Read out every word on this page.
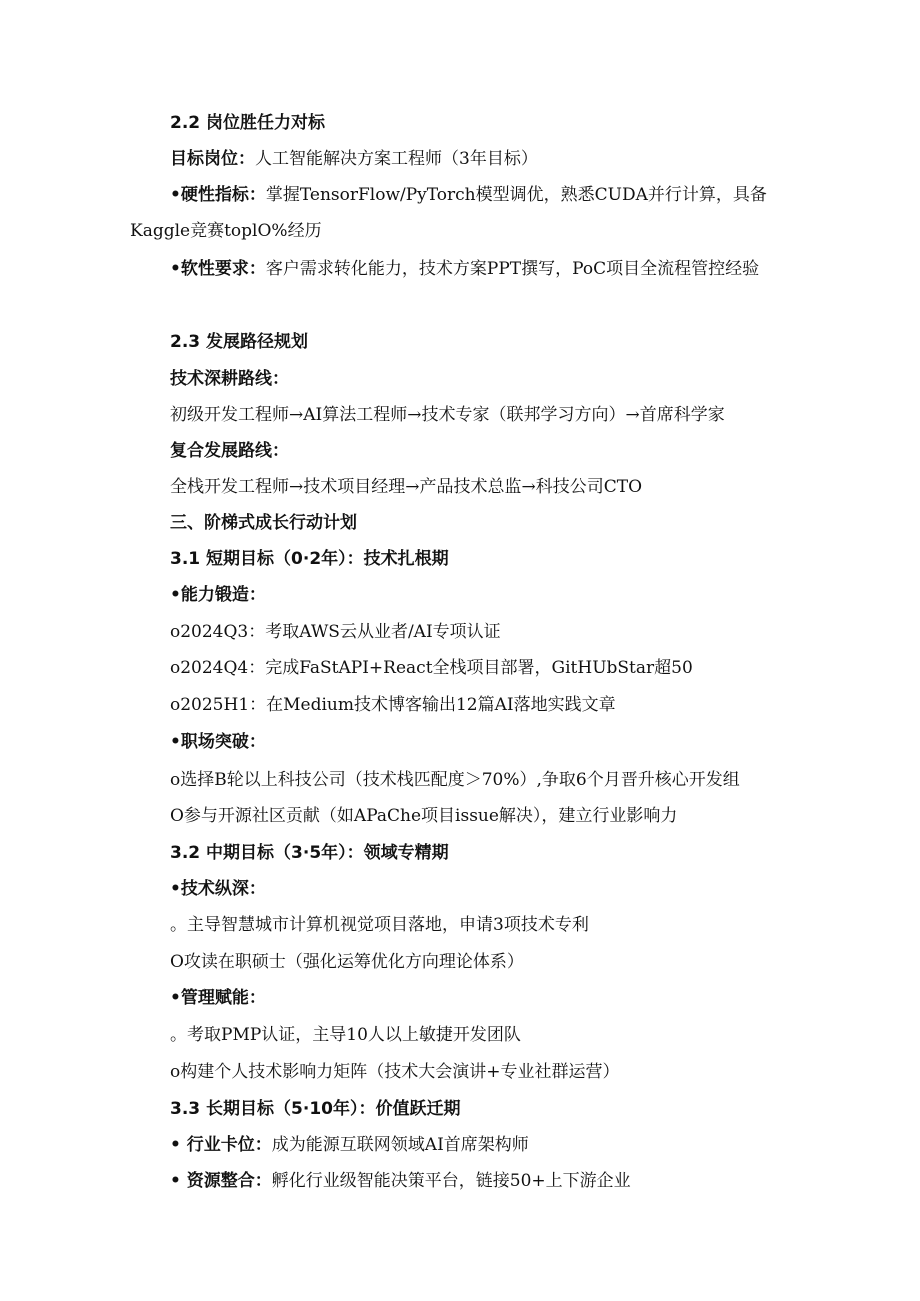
2.2 岗位胜任力对标
目标岗位：人工智能解决方案工程师（3年目标）
•硬性指标：掌握TensorFlow/PyTorch模型调优，熟悉CUDA并行计算，具备Kaggle竞赛toplO%经历
•软性要求：客户需求转化能力，技术方案PPT撰写，PoC项目全流程管控经验
2.3 发展路径规划
技术深耕路线：
初级开发工程师→AI算法工程师→技术专家（联邦学习方向）→首席科学家
复合发展路线：
全栈开发工程师→技术项目经理→产品技术总监→科技公司CTO
三、阶梯式成长行动计划
3.1 短期目标（0·2年）：技术扎根期
•能力锻造：
o2024Q3：考取AWS云从业者/AI专项认证
o2024Q4：完成FaStAPI+React全栈项目部署，GitHUbStar超50
o2025H1：在Medium技术博客输出12篇AI落地实践文章
•职场突破：
o选择B轮以上科技公司（技术栈匹配度＞70%）,争取6个月晋升核心开发组
O参与开源社区贡献（如APaChe项目issue解决），建立行业影响力
3.2 中期目标（3·5年）：领域专精期
•技术纵深：
。主导智慧城市计算机视觉项目落地，申请3项技术专利
O攻读在职硕士（强化运筹优化方向理论体系）
•管理赋能：
。考取PMP认证，主导10人以上敏捷开发团队
o构建个人技术影响力矩阵（技术大会演讲+专业社群运营）
3.3 长期目标（5·10年）：价值跃迁期
• 行业卡位：成为能源互联网领域AI首席架构师
• 资源整合：孵化行业级智能决策平台，链接50+上下游企业
